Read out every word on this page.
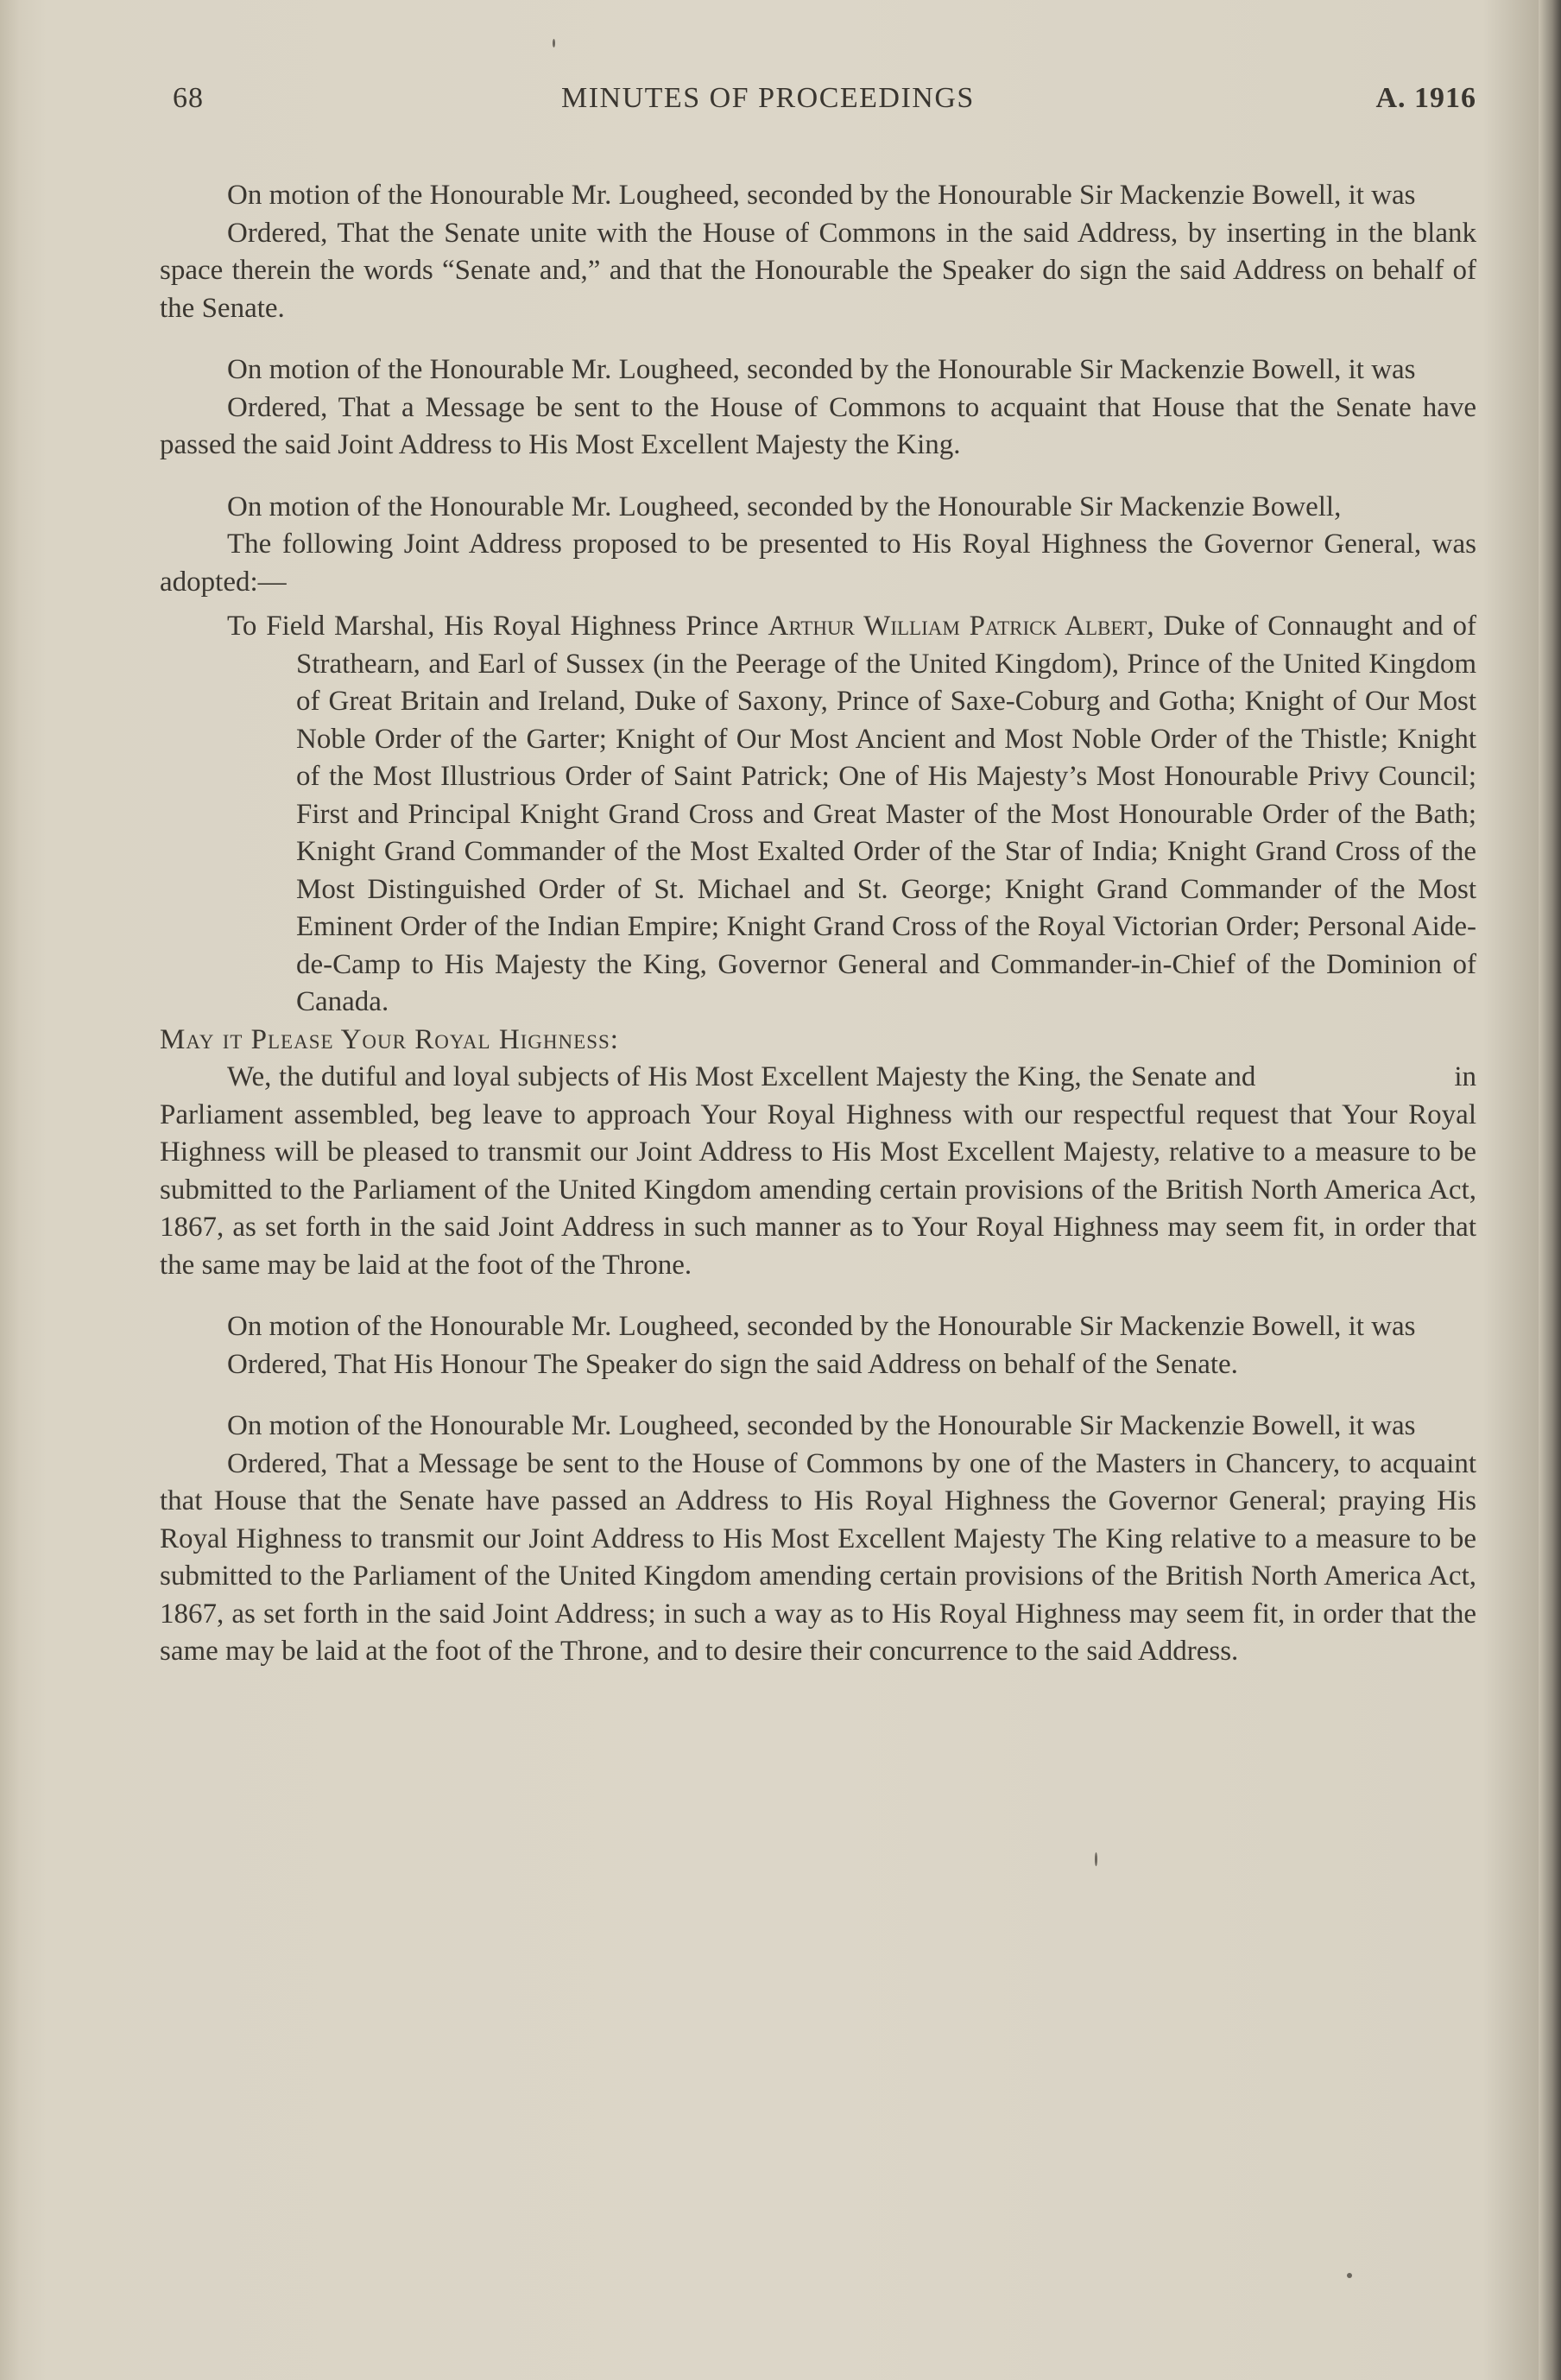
68	MINUTES OF PROCEEDINGS	A. 1916

On motion of the Honourable Mr. Lougheed, seconded by the Honourable Sir Mackenzie Bowell, it was

Ordered, That the Senate unite with the House of Commons in the said Address, by inserting in the blank space therein the words “Senate and,” and that the Honourable the Speaker do sign the said Address on behalf of the Senate.

On motion of the Honourable Mr. Lougheed, seconded by the Honourable Sir Mackenzie Bowell, it was

Ordered, That a Message be sent to the House of Commons to acquaint that House that the Senate have passed the said Joint Address to His Most Excellent Majesty the King.

On motion of the Honourable Mr. Lougheed, seconded by the Honourable Sir Mackenzie Bowell,

The following Joint Address proposed to be presented to His Royal Highness the Governor General, was adopted:—

To Field Marshal, His Royal Highness Prince Arthur William Patrick Albert, Duke of Connaught and of Strathearn, and Earl of Sussex (in the Peerage of the United Kingdom), Prince of the United Kingdom of Great Britain and Ireland, Duke of Saxony, Prince of Saxe-Coburg and Gotha; Knight of Our Most Noble Order of the Garter; Knight of Our Most Ancient and Most Noble Order of the Thistle; Knight of the Most Illustrious Order of Saint Patrick; One of His Majesty’s Most Honourable Privy Council; First and Principal Knight Grand Cross and Great Master of the Most Honourable Order of the Bath; Knight Grand Commander of the Most Exalted Order of the Star of India; Knight Grand Cross of the Most Distinguished Order of St. Michael and St. George; Knight Grand Commander of the Most Eminent Order of the Indian Empire; Knight Grand Cross of the Royal Victorian Order; Personal Aide-de-Camp to His Majesty the King, Governor General and Commander-in-Chief of the Dominion of Canada.

May it Please Your Royal Highness:

We, the dutiful and loyal subjects of His Most Excellent Majesty the King, the Senate and	in Parliament assembled, beg leave to approach Your Royal Highness with our respectful request that Your Royal Highness will be pleased to transmit our Joint Address to His Most Excellent Majesty, relative to a measure to be submitted to the Parliament of the United Kingdom amending certain provisions of the British North America Act, 1867, as set forth in the said Joint Address in such manner as to Your Royal Highness may seem fit, in order that the same may be laid at the foot of the Throne.

On motion of the Honourable Mr. Lougheed, seconded by the Honourable Sir Mackenzie Bowell, it was

Ordered, That His Honour The Speaker do sign the said Address on behalf of the Senate.

On motion of the Honourable Mr. Lougheed, seconded by the Honourable Sir Mackenzie Bowell, it was

Ordered, That a Message be sent to the House of Commons by one of the Masters in Chancery, to acquaint that House that the Senate have passed an Address to His Royal Highness the Governor General; praying His Royal Highness to transmit our Joint Address to His Most Excellent Majesty The King relative to a measure to be submitted to the Parliament of the United Kingdom amending certain provisions of the British North America Act, 1867, as set forth in the said Joint Address; in such a way as to His Royal Highness may seem fit, in order that the same may be laid at the foot of the Throne, and to desire their concurrence to the said Address.
